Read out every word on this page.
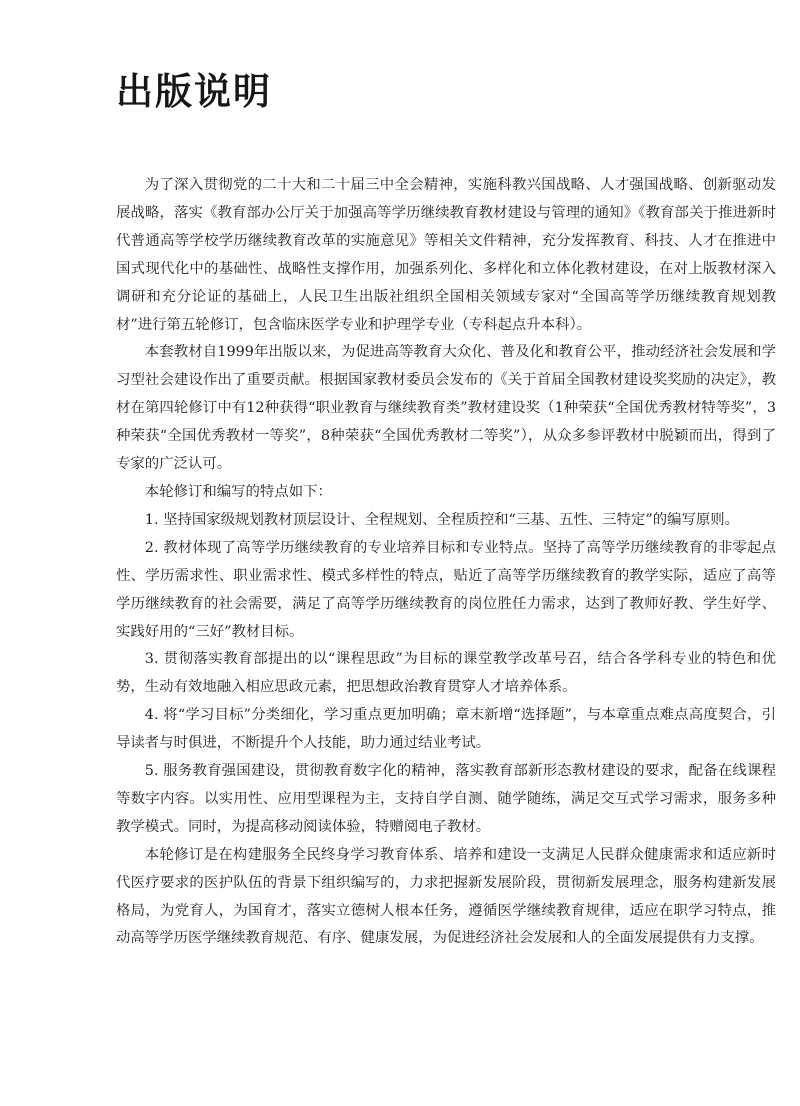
出版说明

为了深入贯彻党的二十大和二十届三中全会精神，实施科教兴国战略、人才强国战略、创新驱动发展战略，落实《教育部办公厅关于加强高等学历继续教育教材建设与管理的通知》《教育部关于推进新时代普通高等学校学历继续教育改革的实施意见》等相关文件精神，充分发挥教育、科技、人才在推进中国式现代化中的基础性、战略性支撑作用，加强系列化、多样化和立体化教材建设，在对上版教材深入调研和充分论证的基础上，人民卫生出版社组织全国相关领域专家对“全国高等学历继续教育规划教材”进行第五轮修订，包含临床医学专业和护理学专业（专科起点升本科）。

本套教材自1999年出版以来，为促进高等教育大众化、普及化和教育公平，推动经济社会发展和学习型社会建设作出了重要贡献。根据国家教材委员会发布的《关于首届全国教材建设奖奖励的决定》，教材在第四轮修订中有12种获得“职业教育与继续教育类”教材建设奖（1种荣获“全国优秀教材特等奖”，3种荣获“全国优秀教材一等奖”，8种荣获“全国优秀教材二等奖”），从众多参评教材中脱颖而出，得到了专家的广泛认可。

本轮修订和编写的特点如下：

1. 坚持国家级规划教材顶层设计、全程规划、全程质控和“三基、五性、三特定”的编写原则。

2. 教材体现了高等学历继续教育的专业培养目标和专业特点。坚持了高等学历继续教育的非零起点性、学历需求性、职业需求性、模式多样性的特点，贴近了高等学历继续教育的教学实际，适应了高等学历继续教育的社会需要，满足了高等学历继续教育的岗位胜任力需求，达到了教师好教、学生好学、实践好用的“三好”教材目标。

3. 贯彻落实教育部提出的以“课程思政”为目标的课堂教学改革号召，结合各学科专业的特色和优势，生动有效地融入相应思政元素，把思想政治教育贯穿人才培养体系。

4. 将“学习目标”分类细化，学习重点更加明确；章末新增“选择题”，与本章重点难点高度契合，引导读者与时俱进，不断提升个人技能，助力通过结业考试。

5. 服务教育强国建设，贯彻教育数字化的精神，落实教育部新形态教材建设的要求，配备在线课程等数字内容。以实用性、应用型课程为主，支持自学自测、随学随练，满足交互式学习需求，服务多种教学模式。同时，为提高移动阅读体验，特赠阅电子教材。

本轮修订是在构建服务全民终身学习教育体系、培养和建设一支满足人民群众健康需求和适应新时代医疗要求的医护队伍的背景下组织编写的，力求把握新发展阶段，贯彻新发展理念，服务构建新发展格局，为党育人，为国育才，落实立德树人根本任务，遵循医学继续教育规律，适应在职学习特点，推动高等学历医学继续教育规范、有序、健康发展，为促进经济社会发展和人的全面发展提供有力支撑。
